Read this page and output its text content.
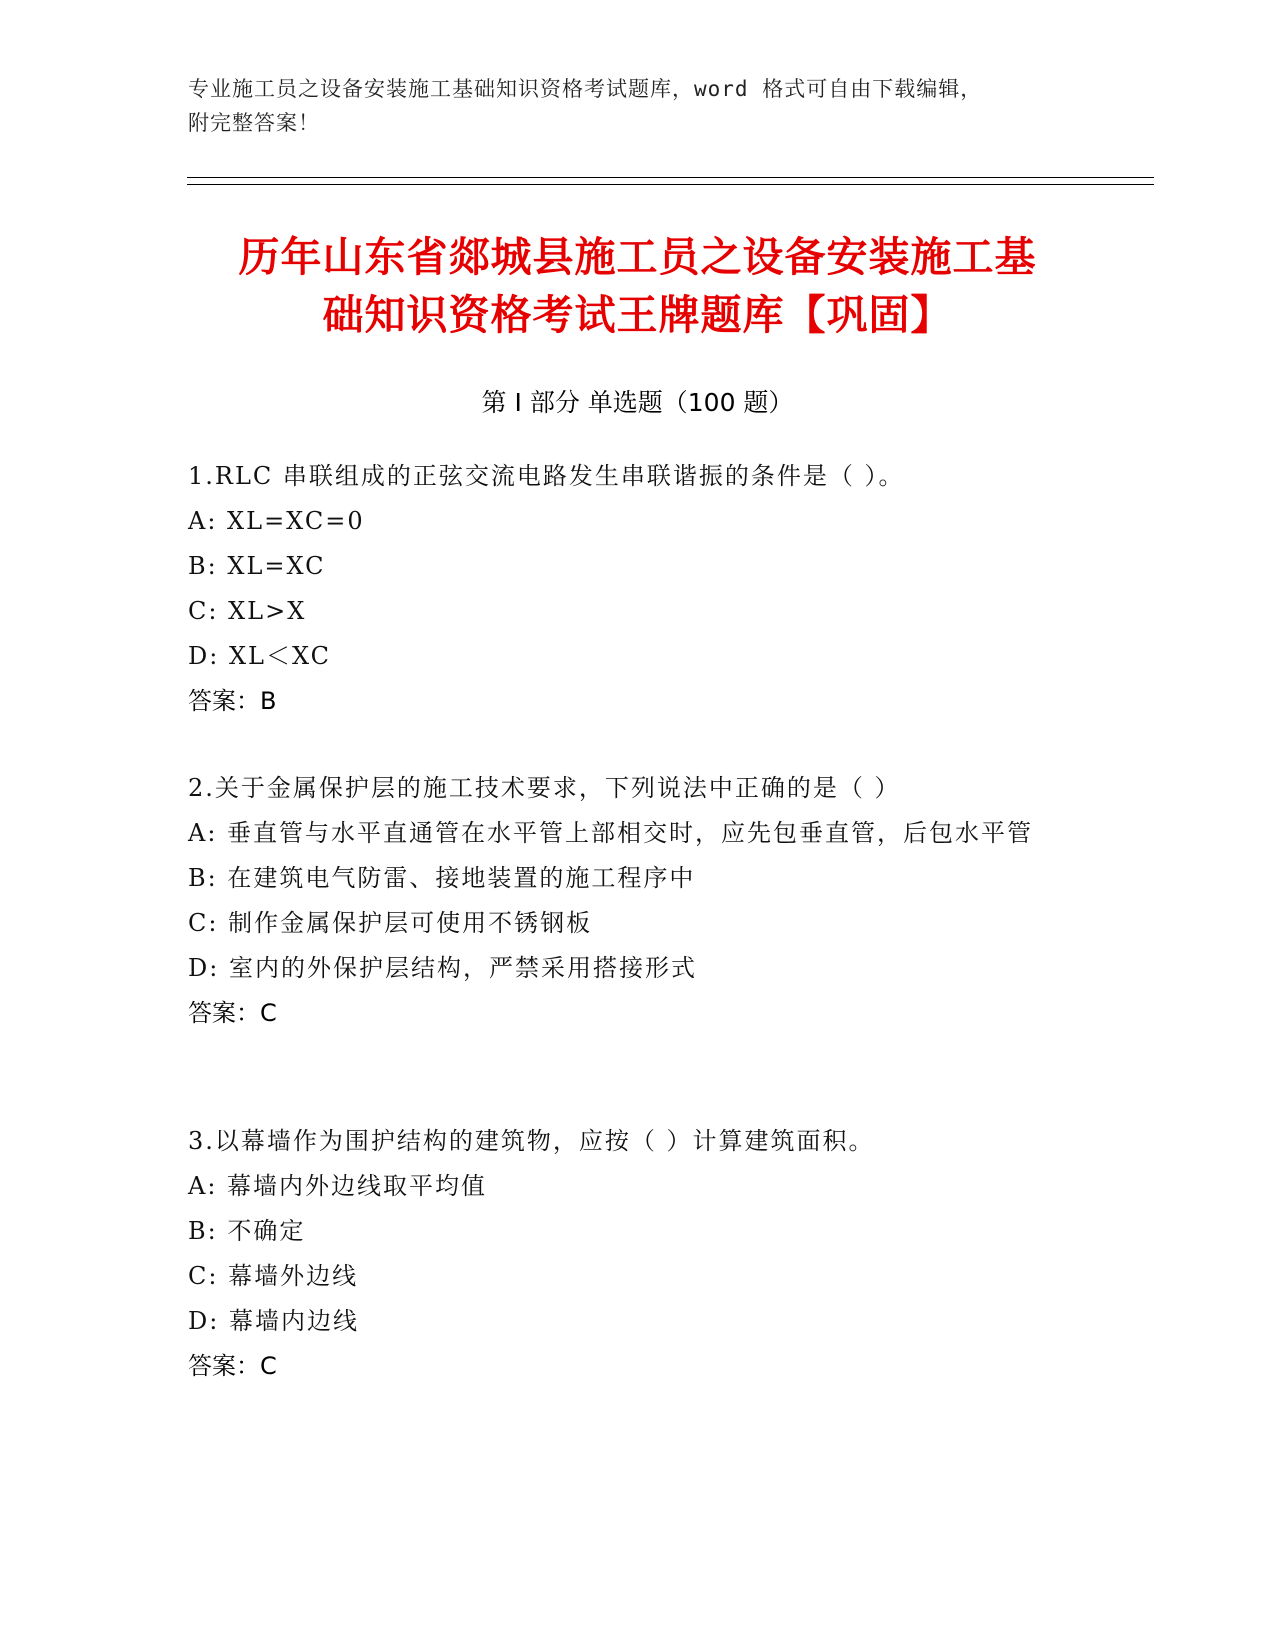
专业施工员之设备安装施工基础知识资格考试题库，word 格式可自由下载编辑，
附完整答案！
历年山东省郯城县施工员之设备安装施工基
础知识资格考试王牌题库【巩固】
第 I 部分 单选题（100 题）

1.RLC 串联组成的正弦交流电路发生串联谐振的条件是（ ）。

A: XL=XC=0

B: XL=XC

C: XL>X

D: XL＜XC

答案：B

2.关于金属保护层的施工技术要求，下列说法中正确的是（ ）

A: 垂直管与水平直通管在水平管上部相交时，应先包垂直管，后包水平管

B: 在建筑电气防雷、接地装置的施工程序中

C: 制作金属保护层可使用不锈钢板

D: 室内的外保护层结构，严禁采用搭接形式

答案：C

3.以幕墙作为围护结构的建筑物，应按（ ）计算建筑面积。

A: 幕墙内外边线取平均值

B: 不确定

C: 幕墙外边线

D: 幕墙内边线

答案：C
